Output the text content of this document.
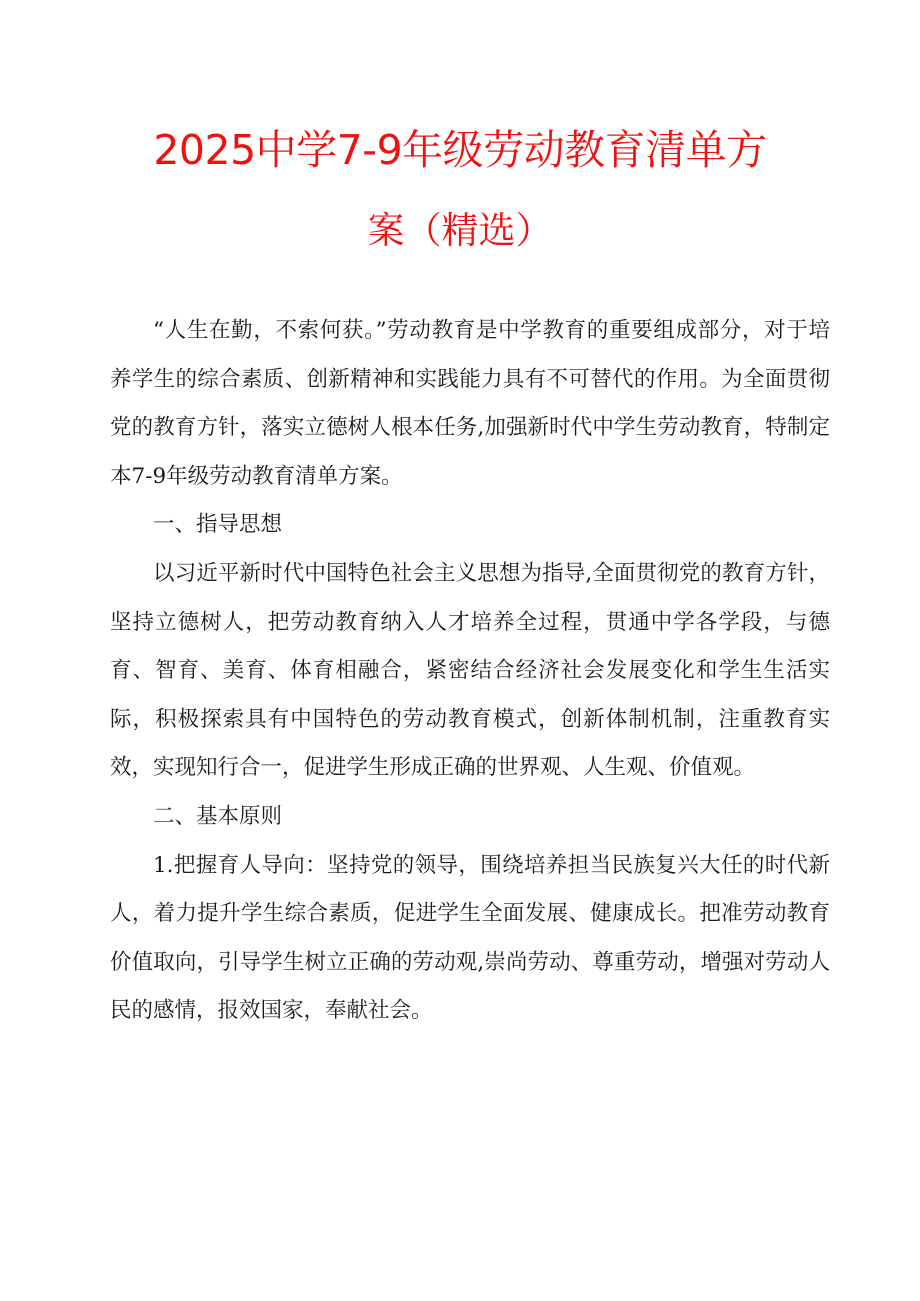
2025中学7-9年级劳动教育清单方
案（精选）

“人生在勤，不索何获。”劳动教育是中学教育的重要组成部分，对于培养学生的综合素质、创新精神和实践能力具有不可替代的作用。为全面贯彻党的教育方针，落实立德树人根本任务,加强新时代中学生劳动教育，特制定本7-9年级劳动教育清单方案。

一、指导思想

以习近平新时代中国特色社会主义思想为指导,全面贯彻党的教育方针，坚持立德树人，把劳动教育纳入人才培养全过程，贯通中学各学段，与德育、智育、美育、体育相融合，紧密结合经济社会发展变化和学生生活实际，积极探索具有中国特色的劳动教育模式，创新体制机制，注重教育实效，实现知行合一，促进学生形成正确的世界观、人生观、价值观。

二、基本原则

1.把握育人导向：坚持党的领导，围绕培养担当民族复兴大任的时代新人，着力提升学生综合素质，促进学生全面发展、健康成长。把准劳动教育价值取向，引导学生树立正确的劳动观,崇尚劳动、尊重劳动，增强对劳动人民的感情，报效国家，奉献社会。
